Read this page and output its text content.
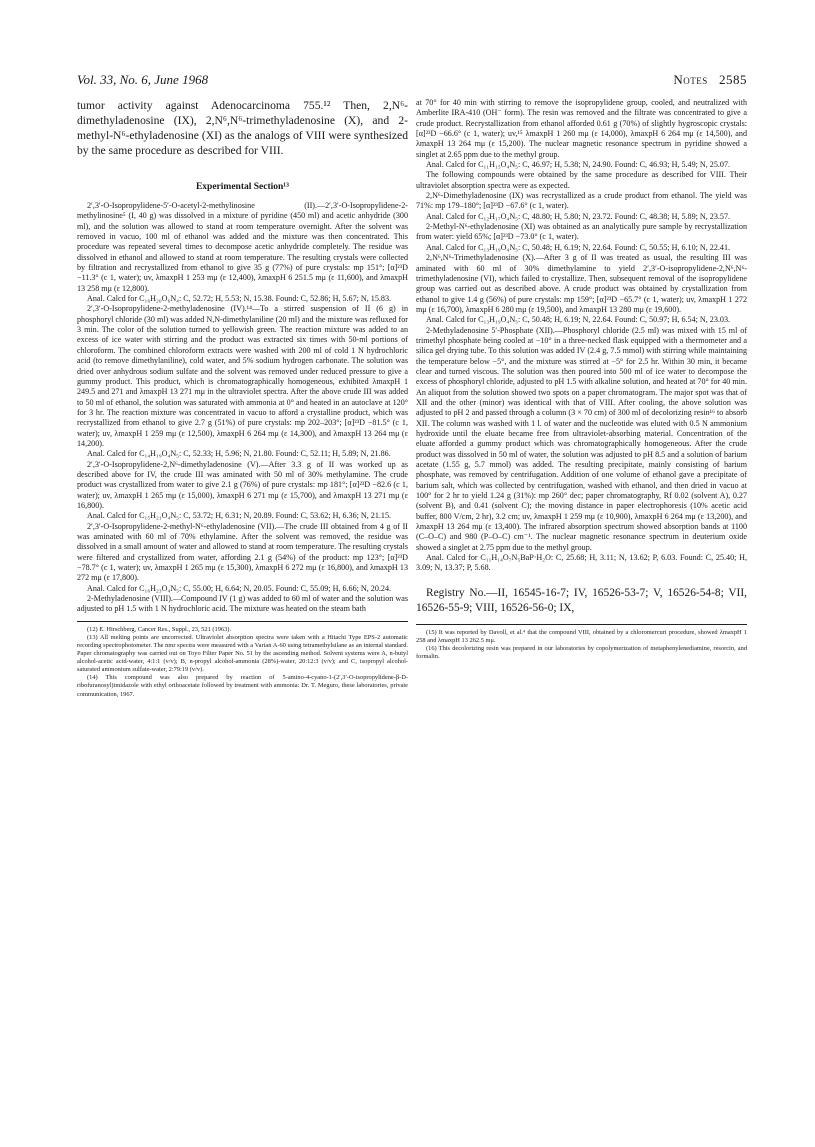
Vol. 33, No. 6, June 1968	Notes 2585

tumor activity against Adenocarcinoma 755.¹² Then, 2,N⁶-dimethyladenosine (IX), 2,N⁶,N⁶-trimethyladenosine (X), and 2-methyl-N⁶-ethyladenosine (XI) as the analogs of VIII were synthesized by the same procedure as described for VIII.

Experimental Section¹³

2′,3′-O-Isopropylidene-5′-O-acetyl-2-methylinosine (II).—2′,3′-O-Isopropylidene-2-methylinosine⁵ (I, 40 g) was dissolved in a mixture of pyridine (450 ml) and acetic anhydride (300 ml), and the solution was allowed to stand at room temperature overnight. After the solvent was removed in vacuo, 100 ml of ethanol was added and the mixture was then concentrated. This procedure was repeated several times to decompose acetic anhydride completely. The residue was dissolved in ethanol and allowed to stand at room temperature. The resulting crystals were collected by filtration and recrystallized from ethanol to give 35 g (77%) of pure crystals: mp 151°; [α]²³D −11.3° (c 1, water); uv, λmaxpH 1 253 mμ (ε 12,400), λmaxpH 6 251.5 mμ (ε 11,600), and λmaxpH 13 258 mμ (ε 12,800).

Anal. Calcd for C₁₆H₂₀O₆N₄: C, 52.72; H, 5.53; N, 15.38. Found: C, 52.86; H, 5.67; N, 15.83.

2′,3′-O-Isopropylidene-2-methyladenosine (IV).¹⁴—To a stirred suspension of II (6 g) in phosphoryl chloride (30 ml) was added N,N-dimethylaniline (20 ml) and the mixture was refluxed for 3 min. The color of the solution turned to yellowish green. The reaction mixture was added to an excess of ice water with stirring and the product was extracted six times with 50-ml portions of chloroform. The combined chloroform extracts were washed with 200 ml of cold 1 N hydrochloric acid (to remove dimethylaniline), cold water, and 5% sodium hydrogen carbonate. The solution was dried over anhydrous sodium sulfate and the solvent was removed under reduced pressure to give a gummy product. This product, which is chromatographically homogeneous, exhibited λmaxpH 1 249.5 and 271 and λmaxpH 13 271 mμ in the ultraviolet spectra. After the above crude III was added to 50 ml of ethanol, the solution was saturated with ammonia at 0° and heated in an autoclave at 120° for 3 hr. The reaction mixture was concentrated in vacuo to afford a crystalline product, which was recrystallized from ethanol to give 2.7 g (51%) of pure crystals: mp 202–203°; [α]²³D −81.5° (c 1, water); uv, λmaxpH 1 259 mμ (ε 12,500), λmaxpH 6 264 mμ (ε 14,300), and λmaxpH 13 264 mμ (ε 14,200).

Anal. Calcd for C₁₄H₁₉O₄N₅: C, 52.33; H, 5.96; N, 21.80. Found: C, 52.11; H, 5.89; N, 21.86.

2′,3′-O-Isopropylidene-2,N⁶-dimethyladenosine (V).—After 3.3 g of II was worked up as described above for IV, the crude III was aminated with 50 ml of 30% methylamine. The crude product was crystallized from water to give 2.1 g (76%) of pure crystals: mp 181°; [α]²³D −82.6 (c 1, water); uv, λmaxpH 1 265 mμ (ε 15,000), λmaxpH 6 271 mμ (ε 15,700), and λmaxpH 13 271 mμ (ε 16,800).

Anal. Calcd for C₁₅H₂₁O₄N₅: C, 53.72; H, 6.31; N, 20.89. Found: C, 53.62; H, 6.36; N, 21.15.

2′,3′-O-Isopropylidene-2-methyl-N⁶-ethyladenosine (VII).—The crude III obtained from 4 g of II was aminated with 60 ml of 70% ethylamine. After the solvent was removed, the residue was dissolved in a small amount of water and allowed to stand at room temperature. The resulting crystals were filtered and crystallized from water, affording 2.1 g (54%) of the product: mp 123°; [α]²³D −78.7° (c 1, water); uv, λmaxpH 1 265 mμ (ε 15,300), λmaxpH 6 272 mμ (ε 16,800), and λmaxpH 13 272 mμ (ε 17,800).

Anal. Calcd for C₁₆H₂₃O₄N₅: C, 55.00; H, 6.64; N, 20.05. Found: C, 55.09; H, 6.66; N, 20.24.

2-Methyladenosine (VIII).—Compound IV (1 g) was added to 60 ml of water and the solution was adjusted to pH 1.5 with 1 N hydrochloric acid. The mixture was heated on the steam bath

(12) E. Hirschberg, Cancer Res., Suppl., 23, 521 (1963).

(13) All melting points are uncorrected. Ultraviolet absorption spectra were taken with a Hitachi Type EPS-2 automatic recording spectrophotometer. The nmr spectra were measured with a Varian A-60 using tetramethylsilane as an internal standard. Paper chromatography was carried out on Toyo Filter Paper No. 51 by the ascending method. Solvent systems were A, n-butyl alcohol-acetic acid-water, 4:1:1 (v/v); B, n-propyl alcohol-ammonia (28%)-water, 20:12:3 (v/v); and C, isopropyl alcohol-saturated ammonium sulfate-water, 2:79:19 (v/v).

(14) This compound was also prepared by reaction of 5-amino-4-cyano-1-(2′,3′-O-isopropylidene-β-D-ribofuranosyl)imidazole with ethyl orthoacetate followed by treatment with ammonia: Dr. T. Meguro, these laboratories, private communication, 1967.

at 70° for 40 min with stirring to remove the isopropylidene group, cooled, and neutralized with Amberlite IRA-410 (OH⁻ form). The resin was removed and the filtrate was concentrated to give a crude product. Recrystallization from ethanol afforded 0.61 g (70%) of slightly hygroscopic crystals: [α]²³D −66.6° (c 1, water); uv,¹⁵ λmaxpH 1 260 mμ (ε 14,000), λmaxpH 6 264 mμ (ε 14,500), and λmaxpH 13 264 mμ (ε 15,200). The nuclear magnetic resonance spectrum in pyridine showed a singlet at 2.65 ppm due to the methyl group.

Anal. Calcd for C₁₁H₁₅O₄N₅: C, 46.97; H, 5.38; N, 24.90. Found: C, 46.93; H, 5.49; N, 25.07.

The following compounds were obtained by the same procedure as described for VIII. Their ultraviolet absorption spectra were as expected.

2,N⁶-Dimethyladenosine (IX) was recrystallized as a crude product from ethanol. The yield was 71%: mp 179–180°; [α]²³D −67.6° (c 1, water).

Anal. Calcd for C₁₂H₁₇O₄N₅: C, 48.80; H, 5.80; N, 23.72. Found: C, 48.38; H, 5.89; N, 23.57.

2-Methyl-N⁶-ethyladenosine (XI) was obtained as an analytically pure sample by recrystallization from water: yield 65%; [α]²³D −73.0° (c 1, water).

Anal. Calcd for C₁₃H₁₉O₄N₅: C, 50.48; H, 6.19; N, 22.64. Found: C, 50.55; H, 6.10; N, 22.41.

2,N⁶,N⁶-Trimethyladenosine (X).—After 3 g of II was treated as usual, the resulting III was aminated with 60 ml of 30% dimethylamine to yield 2′,3′-O-isopropylidene-2,N⁶,N⁶-trimethyladenosine (VI), which failed to crystallize. Then, subsequent removal of the isopropylidene group was carried out as described above. A crude product was obtained by crystallization from ethanol to give 1.4 g (56%) of pure crystals: mp 159°; [α]²³D −65.7° (c 1, water); uv, λmaxpH 1 272 mμ (ε 16,700), λmaxpH 6 280 mμ (ε 19,500), and λmaxpH 13 280 mμ (ε 19,600).

Anal. Calcd for C₁₃H₁₉O₄N₅: C, 50.48; H, 6.19; N, 22.64. Found: C, 50.97; H, 6.54; N, 23.03.

2-Methyladenosine 5′-Phosphate (XII).—Phosphoryl chloride (2.5 ml) was mixed with 15 ml of trimethyl phosphate being cooled at −10° in a three-necked flask equipped with a thermometer and a silica gel drying tube. To this solution was added IV (2.4 g, 7.5 mmol) with stirring while maintaining the temperature below −5°, and the mixture was stirred at −5° for 2.5 hr. Within 30 min, it became clear and turned viscous. The solution was then poured into 500 ml of ice water to decompose the excess of phosphoryl chloride, adjusted to pH 1.5 with alkaline solution, and heated at 70° for 40 min. An aliquot from the solution showed two spots on a paper chromatogram. The major spot was that of XII and the other (minor) was identical with that of VIII. After cooling, the above solution was adjusted to pH 2 and passed through a column (3 × 70 cm) of 300 ml of decolorizing resin¹⁶ to absorb XII. The column was washed with 1 l. of water and the nucleotide was eluted with 0.5 N ammonium hydroxide until the eluate became free from ultraviolet-absorbing material. Concentration of the eluate afforded a gummy product which was chromatographically homogeneous. After the crude product was dissolved in 50 ml of water, the solution was adjusted to pH 8.5 and a solution of barium acetate (1.55 g, 5.7 mmol) was added. The resulting precipitate, mainly consisting of barium phosphate, was removed by centrifugation. Addition of one volume of ethanol gave a precipitate of barium salt, which was collected by centrifugation, washed with ethanol, and then dried in vacuo at 100° for 2 hr to yield 1.24 g (31%): mp 260° dec; paper chromatography, Rf 0.02 (solvent A), 0.27 (solvent B), and 0.41 (solvent C); the moving distance in paper electrophoresis (10% acetic acid buffer, 800 V/cm, 2 hr), 3.2 cm; uv, λmaxpH 1 259 mμ (ε 10,900), λmaxpH 6 264 mμ (ε 13,200), and λmaxpH 13 264 mμ (ε 13,400). The infrared absorption spectrum showed absorption bands at 1100 (C–O–C) and 980 (P–O–C) cm⁻¹. The nuclear magnetic resonance spectrum in deuterium oxide showed a singlet at 2.75 ppm due to the methyl group.

Anal. Calcd for C₁₁H₁₄O₇N₅BaP·H₂O: C, 25.68; H, 3.11; N, 13.62; P, 6.03. Found: C, 25.40; H, 3.09; N, 13.37; P, 5.68.

Registry No.—II, 16545-16-7; IV, 16526-53-7; V, 16526-54-8; VII, 16526-55-9; VIII, 16526-56-0; IX,

(15) It was reported by Davoll, et al.⁴ that the compound VIII, obtained by a chloromercuri procedure, showed λmaxpH 1 258 and λmaxpH 13 262.5 mμ.

(16) This decolorizing resin was prepared in our laboratories by copolymerization of metaphenylenediamine, resorcin, and formalin.
